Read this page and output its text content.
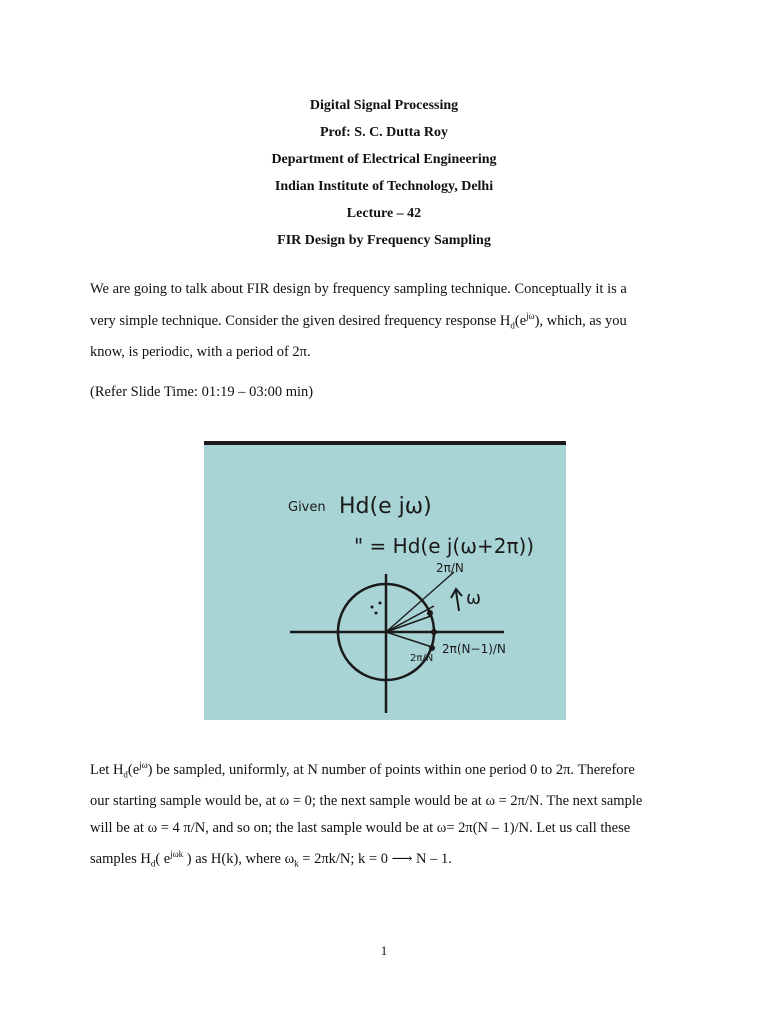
Digital Signal Processing
Prof: S. C. Dutta Roy
Department of Electrical Engineering
Indian Institute of Technology, Delhi
Lecture – 42
FIR Design by Frequency Sampling
We are going to talk about FIR design by frequency sampling technique. Conceptually it is a
very simple technique. Consider the given desired frequency response $H_d(e^{j\omega})$, which, as you
know, is periodic, with a period of 2π.
(Refer Slide Time: 01:19 – 03:00 min)
Given Hd(e jω)
" = Hd(e j(ω+2π))
ω
2π/N
2π/N
2π(N−1)/N
Let $H_d(e^{j\omega})$ be sampled, uniformly, at N number of points within one period 0 to 2π. Therefore
our starting sample would be, at ω = 0; the next sample would be at ω = 2π/N. The next sample
will be at ω = 4 π/N, and so on; the last sample would be at ω= 2π(N – 1)/N. Let us call these
samples $H_d$( $e^{j\omega k}$ ) as H(k), where $\omega_k = 2\pi k/N$; k = 0 ⟶ N – 1.
1
